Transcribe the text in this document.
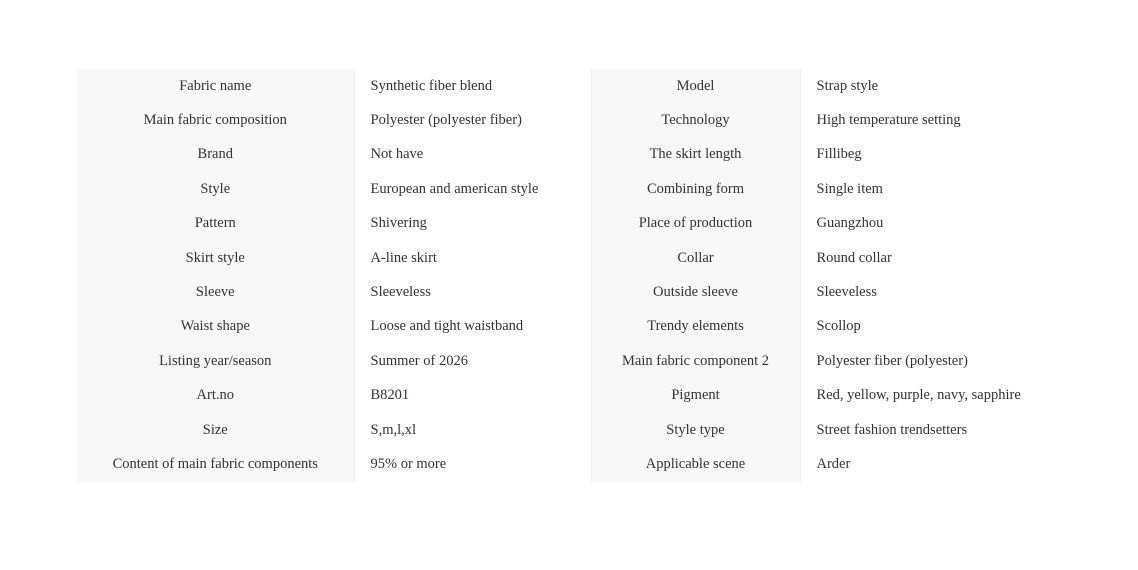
Fabric name	Synthetic fiber blend	Model	Strap style
Main fabric composition	Polyester (polyester fiber)	Technology	High temperature setting
Brand	Not have	The skirt length	Fillibeg
Style	European and american style	Combining form	Single item
Pattern	Shivering	Place of production	Guangzhou
Skirt style	A-line skirt	Collar	Round collar
Sleeve	Sleeveless	Outside sleeve	Sleeveless
Waist shape	Loose and tight waistband	Trendy elements	Scollop
Listing year/season	Summer of 2026	Main fabric component 2	Polyester fiber (polyester)
Art.no	B8201	Pigment	Red, yellow, purple, navy, sapphire
Size	S,m,l,xl	Style type	Street fashion trendsetters
Content of main fabric components	95% or more	Applicable scene	Arder
